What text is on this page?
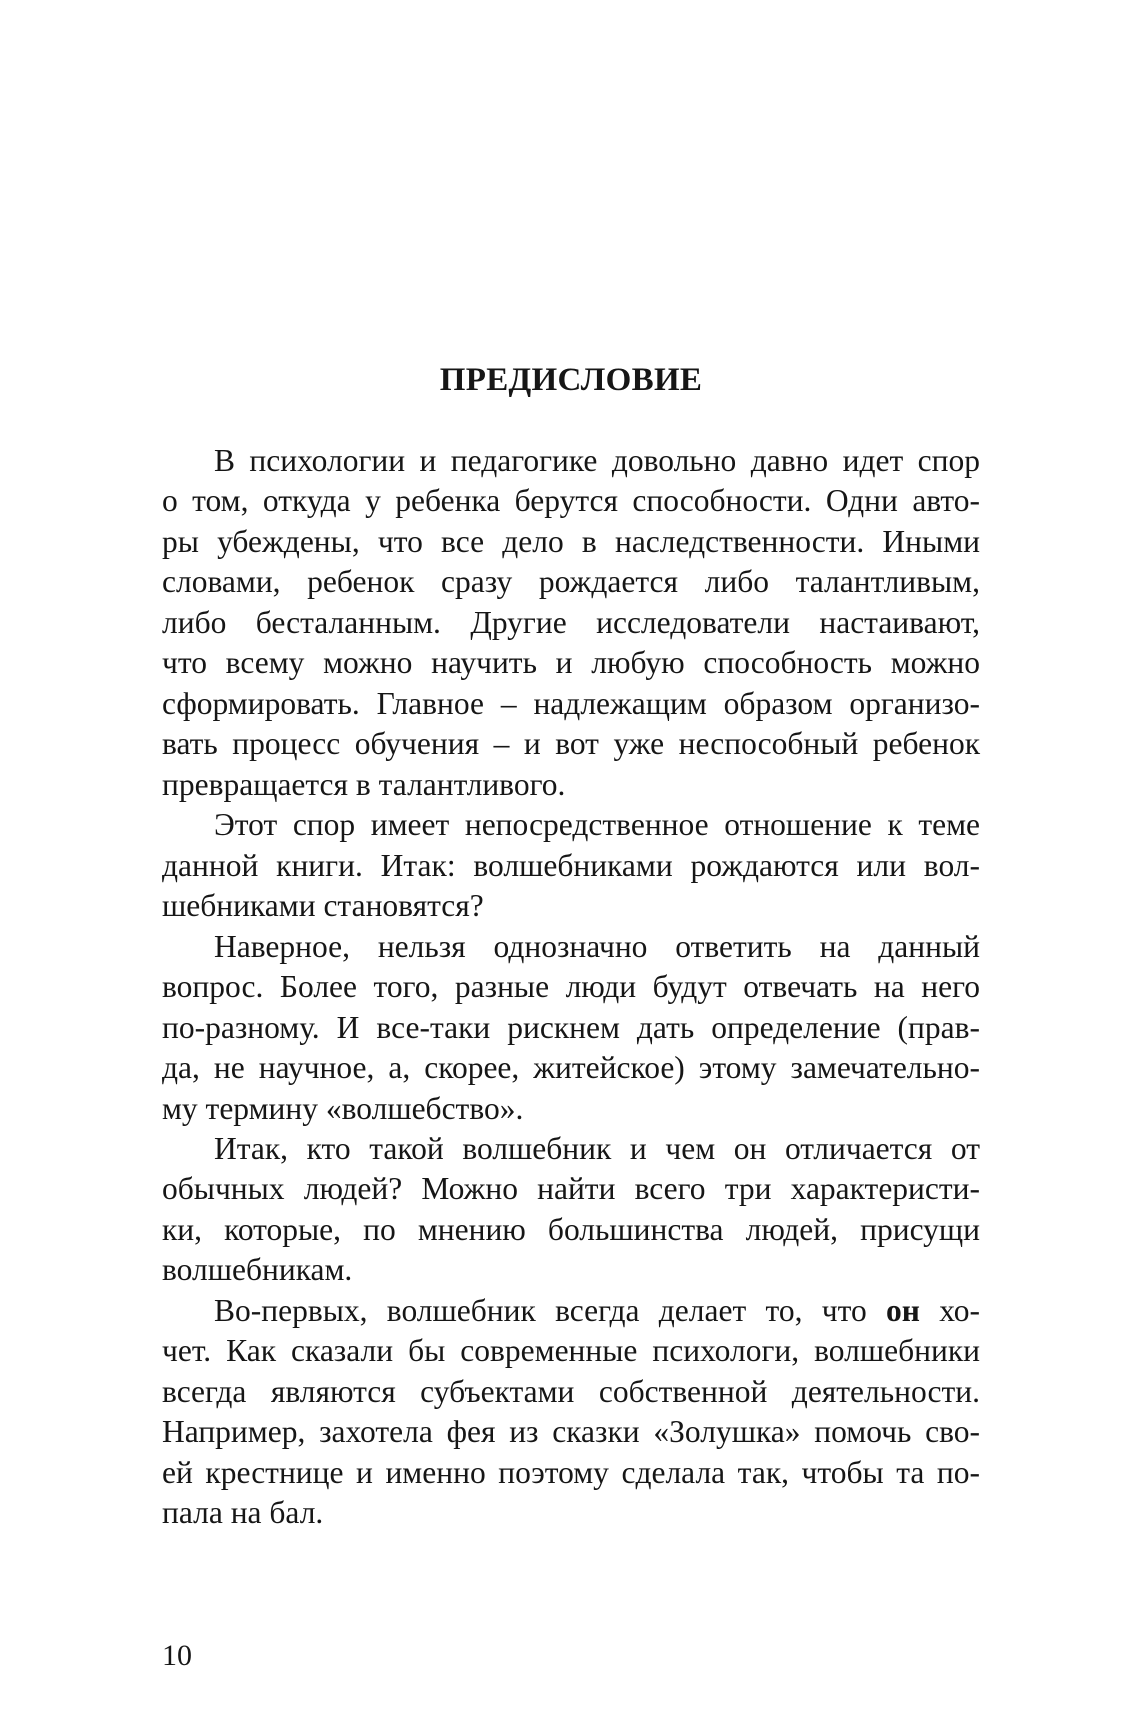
ПРЕДИСЛОВИЕ
В психологии и педагогике довольно давно идет спор
о том, откуда у ребенка берутся способности. Одни авто-
ры убеждены, что все дело в наследственности. Иными
словами, ребенок сразу рождается либо талантливым,
либо бесталанным. Другие исследователи настаивают,
что всему можно научить и любую способность можно
сформировать. Главное – надлежащим образом организо-
вать процесс обучения – и вот уже неспособный ребенок
превращается в талантливого.
Этот спор имеет непосредственное отношение к теме
данной книги. Итак: волшебниками рождаются или вол-
шебниками становятся?
Наверное, нельзя однозначно ответить на данный
вопрос. Более того, разные люди будут отвечать на него
по-разному. И все-таки рискнем дать определение (прав-
да, не научное, а, скорее, житейское) этому замечательно-
му термину «волшебство».
Итак, кто такой волшебник и чем он отличается от
обычных людей? Можно найти всего три характеристи-
ки, которые, по мнению большинства людей, присущи
волшебникам.
Во-первых, волшебник всегда делает то, что он хо-
чет. Как сказали бы современные психологи, волшебники
всегда являются субъектами собственной деятельности.
Например, захотела фея из сказки «Золушка» помочь сво-
ей крестнице и именно поэтому сделала так, чтобы та по-
пала на бал.
10
